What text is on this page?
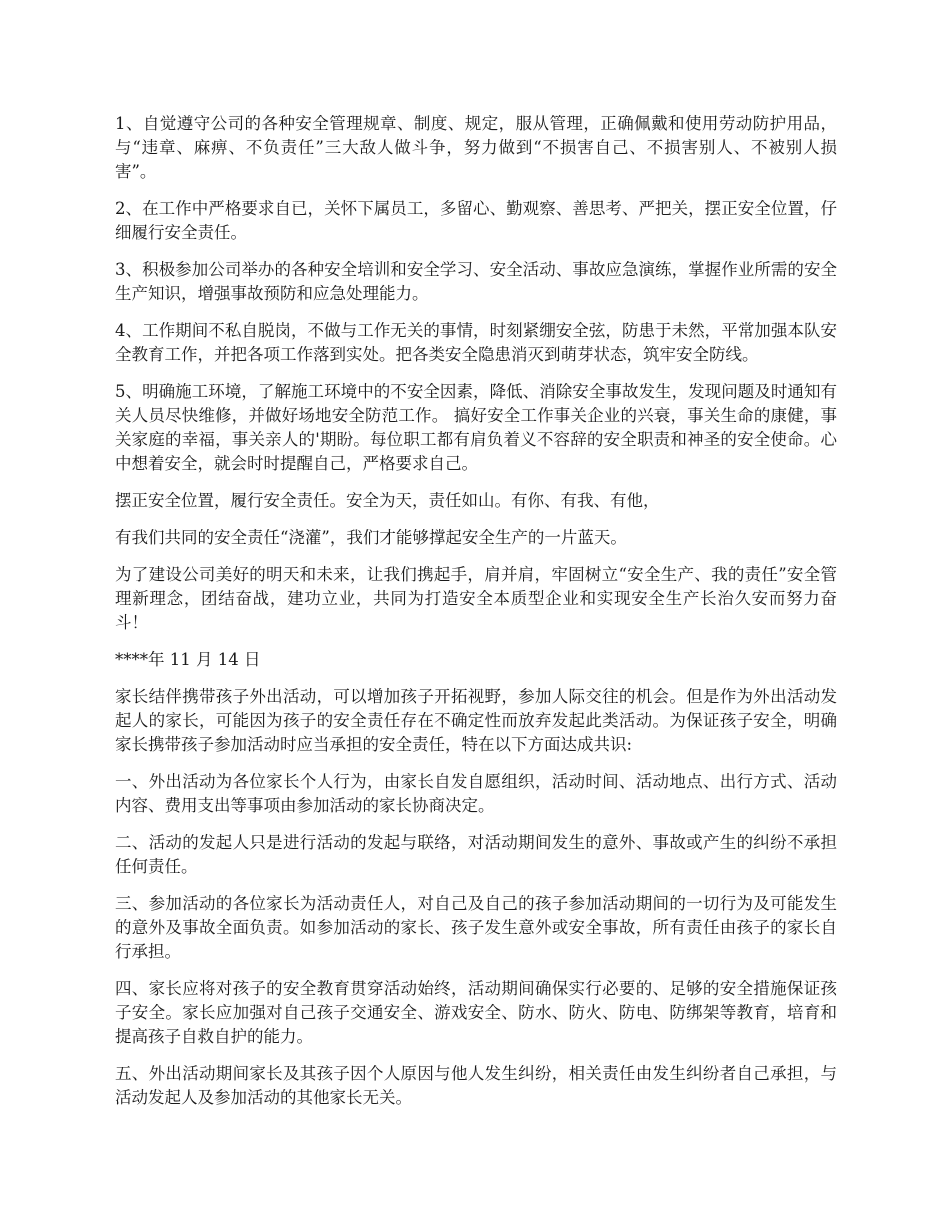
1、自觉遵守公司的各种安全管理规章、制度、规定，服从管理，正确佩戴和使用劳动防护用品，与“违章、麻痹、不负责任”三大敌人做斗争，努力做到“不损害自己、不损害别人、不被别人损害”。

2、在工作中严格要求自已，关怀下属员工，多留心、勤观察、善思考、严把关，摆正安全位置，仔细履行安全责任。

3、积极参加公司举办的各种安全培训和安全学习、安全活动、事故应急演练，掌握作业所需的安全生产知识，增强事故预防和应急处理能力。

4、工作期间不私自脱岗，不做与工作无关的事情，时刻紧绷安全弦，防患于未然，平常加强本队安全教育工作，并把各项工作落到实处。把各类安全隐患消灭到萌芽状态，筑牢安全防线。

5、明确施工环境，了解施工环境中的不安全因素，降低、消除安全事故发生，发现问题及时通知有关人员尽快维修，并做好场地安全防范工作。 搞好安全工作事关企业的兴衰，事关生命的康健，事关家庭的幸福，事关亲人的'期盼。每位职工都有肩负着义不容辞的安全职责和神圣的安全使命。心中想着安全，就会时时提醒自己，严格要求自己。

摆正安全位置，履行安全责任。安全为天，责任如山。有你、有我、有他，

有我们共同的安全责任“浇灌”，我们才能够撑起安全生产的一片蓝天。

为了建设公司美好的明天和未来，让我们携起手，肩并肩，牢固树立“安全生产、我的责任”安全管理新理念，团结奋战，建功立业，共同为打造安全本质型企业和实现安全生产长治久安而努力奋斗！

****年 11 月 14 日

家长结伴携带孩子外出活动，可以增加孩子开拓视野，参加人际交往的机会。但是作为外出活动发起人的家长，可能因为孩子的安全责任存在不确定性而放弃发起此类活动。为保证孩子安全，明确家长携带孩子参加活动时应当承担的安全责任，特在以下方面达成共识:

一、外出活动为各位家长个人行为，由家长自发自愿组织，活动时间、活动地点、出行方式、活动内容、费用支出等事项由参加活动的家长协商决定。

二、活动的发起人只是进行活动的发起与联络，对活动期间发生的意外、事故或产生的纠纷不承担任何责任。

三、参加活动的各位家长为活动责任人，对自己及自己的孩子参加活动期间的一切行为及可能发生的意外及事故全面负责。如参加活动的家长、孩子发生意外或安全事故，所有责任由孩子的家长自行承担。

四、家长应将对孩子的安全教育贯穿活动始终，活动期间确保实行必要的、足够的安全措施保证孩子安全。家长应加强对自己孩子交通安全、游戏安全、防水、防火、防电、防绑架等教育，培育和提高孩子自救自护的能力。

五、外出活动期间家长及其孩子因个人原因与他人发生纠纷，相关责任由发生纠纷者自己承担，与活动发起人及参加活动的其他家长无关。
